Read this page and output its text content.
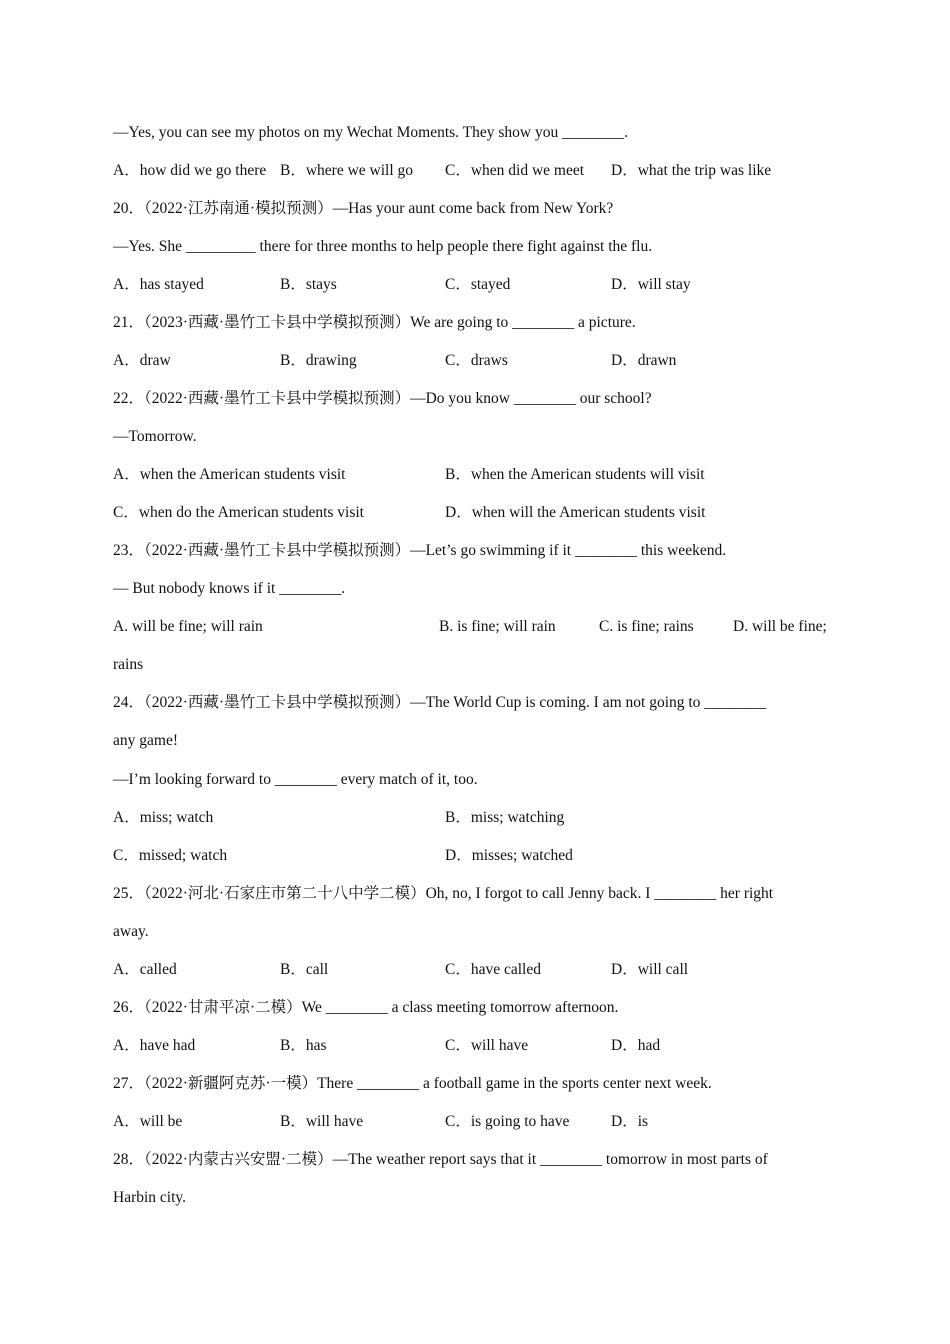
—Yes, you can see my photos on my Wechat Moments. They show you ________.
A．how did we go there B．where we will go C．when did we meet D．what the trip was like
20．（2022·江苏南通·模拟预测）—Has your aunt come back from New York?
—Yes. She _________ there for three months to help people there fight against the flu.
A．has stayed	B．stays	C．stayed	D．will stay
21．（2023·西藏·墨竹工卡县中学模拟预测）We are going to ________ a picture.
A．draw	B．drawing	C．draws	D．drawn
22．（2022·西藏·墨竹工卡县中学模拟预测）—Do you know ________ our school?
—Tomorrow.
A．when the American students visit	B．when the American students will visit
C．when do the American students visit	D．when will the American students visit
23．（2022·西藏·墨竹工卡县中学模拟预测）—Let’s go swimming if it ________ this weekend.
— But nobody knows if it ________.
A. will be fine; will rain	B. is fine; will rain	C. is fine; rains	D. will be fine;
rains
24．（2022·西藏·墨竹工卡县中学模拟预测）—The World Cup is coming. I am not going to ________
any game!
—I’m looking forward to ________ every match of it, too.
A．miss; watch	B．miss; watching
C．missed; watch	D．misses; watched
25．（2022·河北·石家庄市第二十八中学二模）Oh, no, I forgot to call Jenny back. I ________ her right
away.
A．called	B．call	C．have called	D．will call
26．（2022·甘肃平凉·二模）We ________ a class meeting tomorrow afternoon.
A．have had	B．has	C．will have	D．had
27．（2022·新疆阿克苏·一模）There ________ a football game in the sports center next week.
A．will be	B．will have	C．is going to have	D．is
28．（2022·内蒙古兴安盟·二模）—The weather report says that it ________ tomorrow in most parts of
Harbin city.
